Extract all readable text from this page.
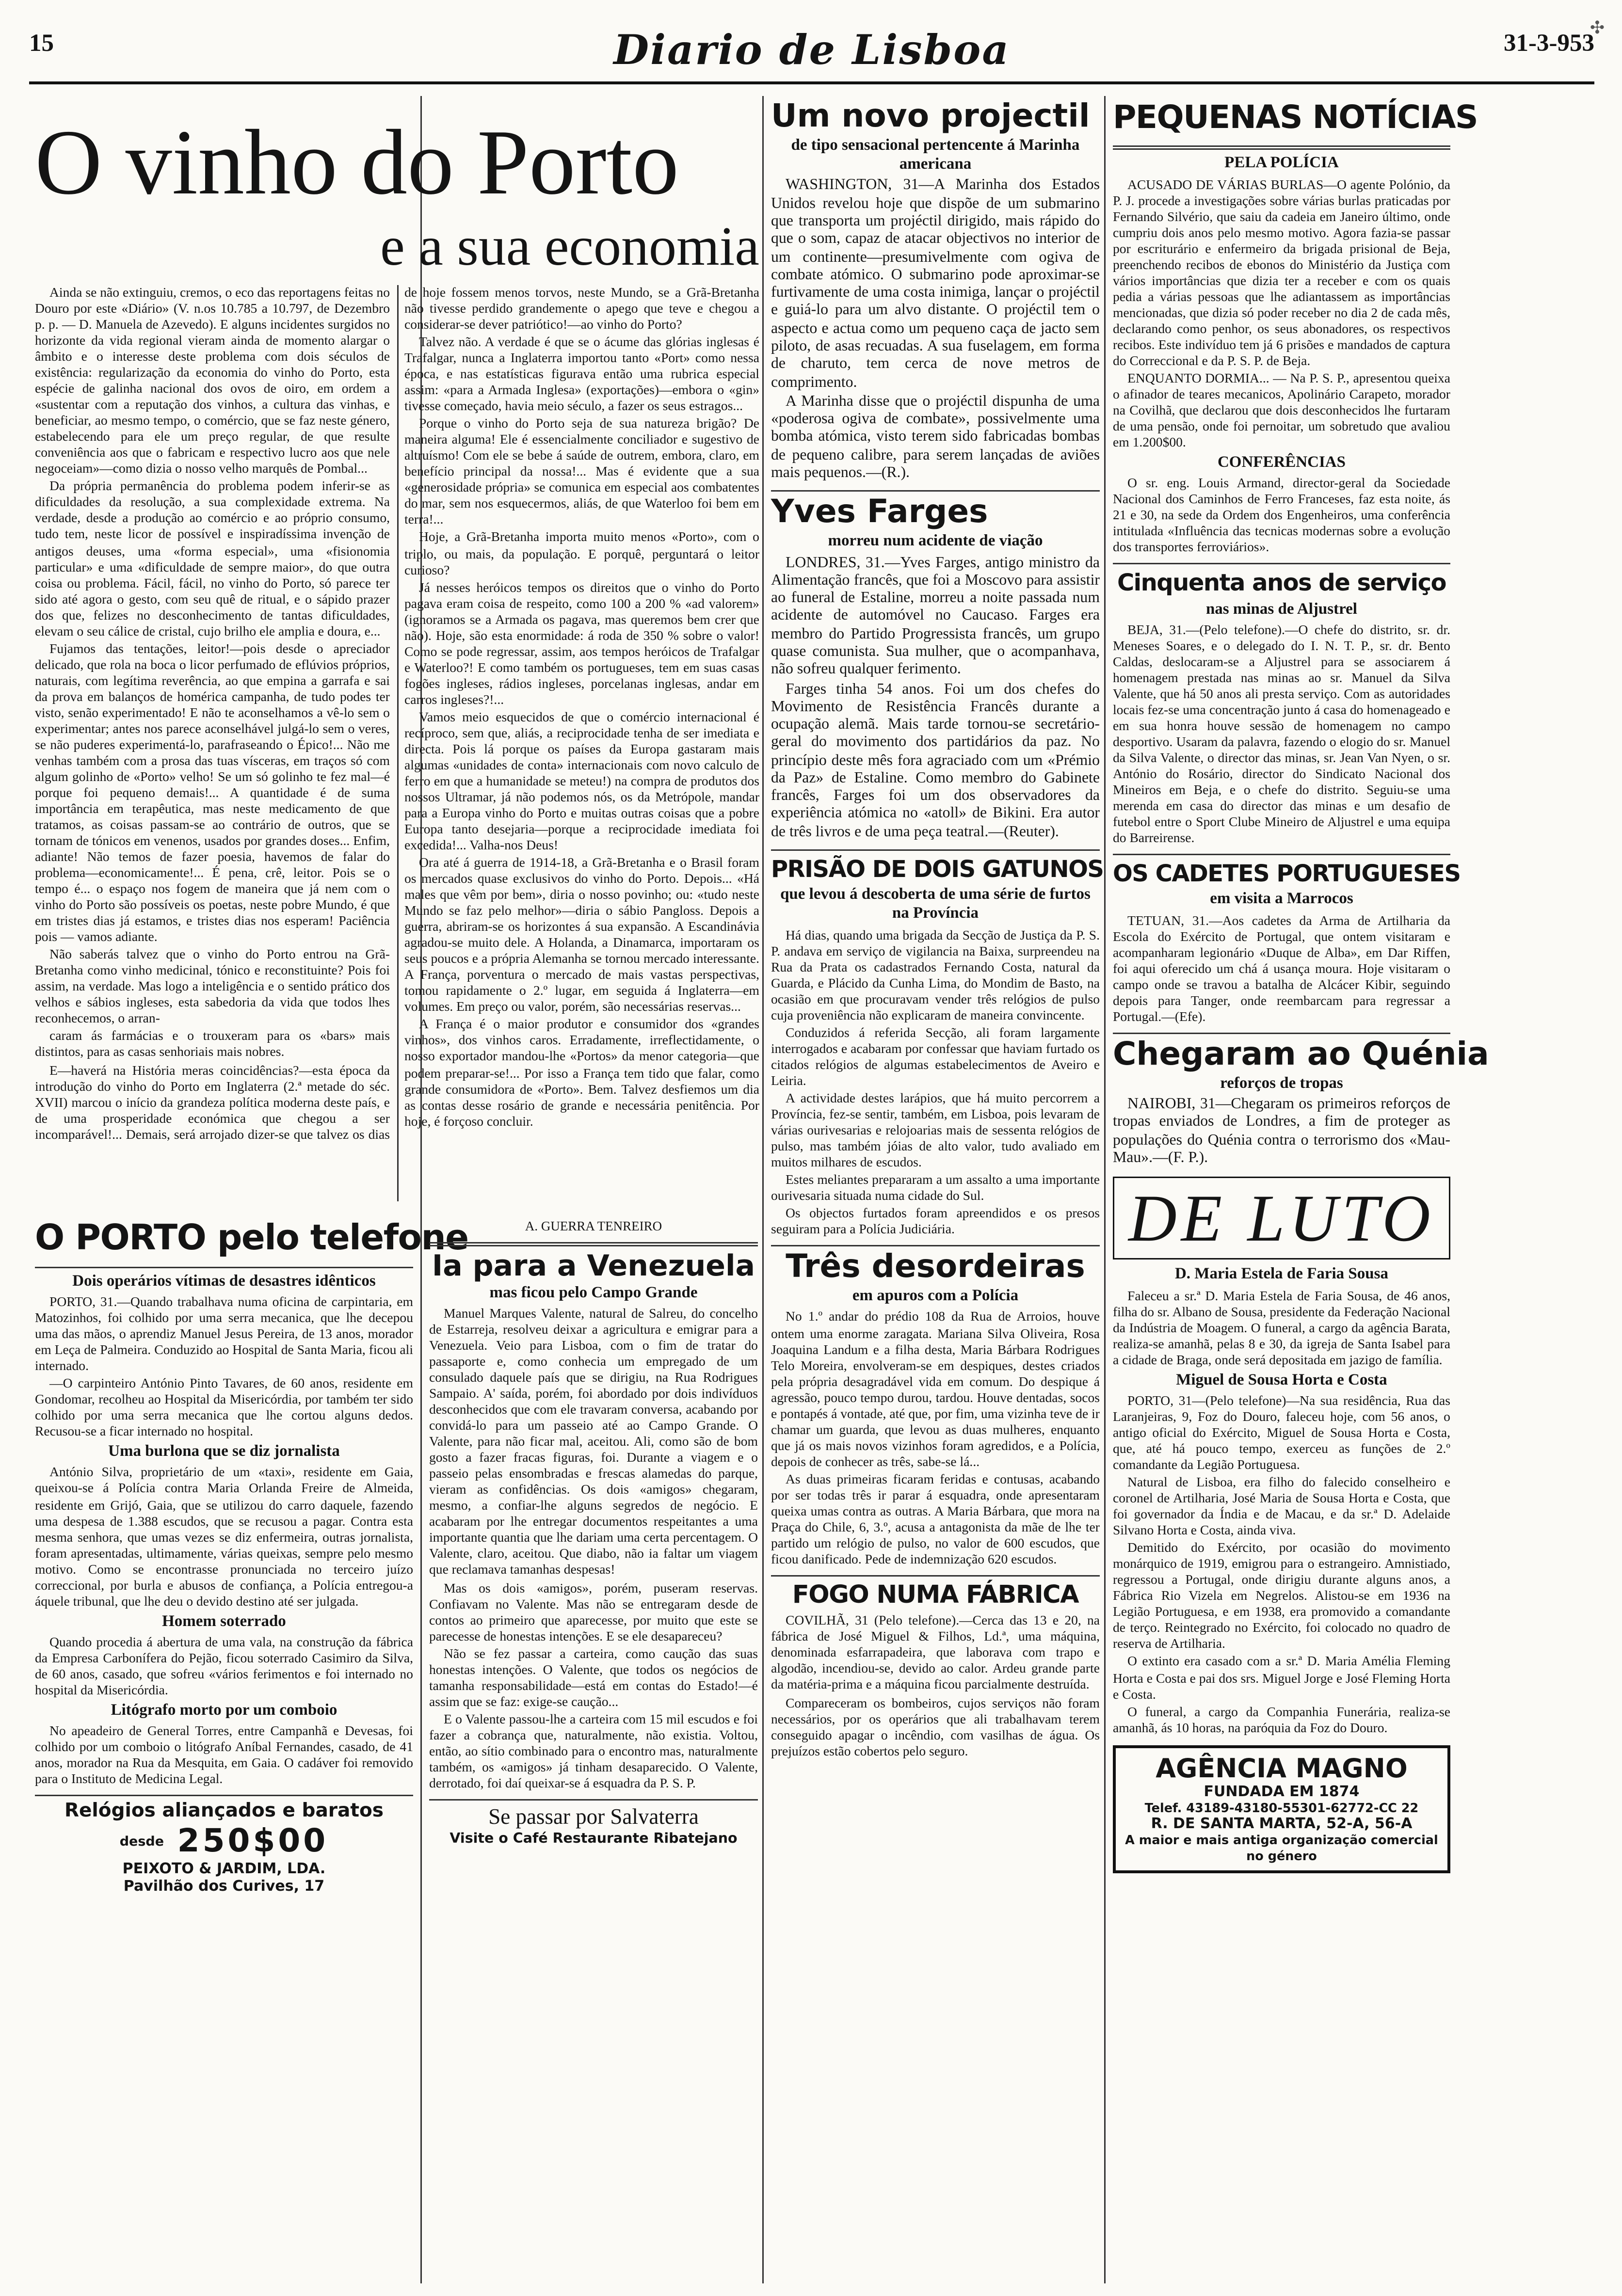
15	Diario de Lisboa	31-3-953
O vinho do Porto
e a sua economia

Ainda se não extinguiu, cremos, o eco das reportagens feitas no Douro por este «Diário» (V. n.os 10.785 a 10.797, de Dezembro p. p. — D. Manuela de Azevedo). E alguns incidentes surgidos no horizonte da vida regional vieram ainda de momento alargar o âmbito e o interesse deste problema com dois séculos de existência: regularização da economia do vinho do Porto, esta espécie de galinha nacional dos ovos de oiro, em ordem a «sustentar com a reputação dos vinhos, a cultura das vinhas, e beneficiar, ao mesmo tempo, o comércio, que se faz neste género, estabelecendo para ele um preço regular, de que resulte conveniência aos que o fabricam e respectivo lucro aos que nele negoceiam»—como dizia o nosso velho marquês de Pombal...

Da própria permanência do problema podem inferir-se as dificuldades da resolução, a sua complexidade extrema. Na verdade, desde a produção ao comércio e ao próprio consumo, tudo tem, neste licor de possível e inspiradíssima invenção de antigos deuses, uma «forma especial», uma «fisionomia particular» e uma «dificuldade de sempre maior», do que outra coisa ou problema. Fácil, fácil, no vinho do Porto, só parece ter sido até agora o gesto, com seu quê de ritual, e o sápido prazer dos que, felizes no desconhecimento de tantas dificuldades, elevam o seu cálice de cristal, cujo brilho ele amplia e doura, e...

Fujamos das tentações, leitor!—pois desde o apreciador delicado, que rola na boca o licor perfumado de eflúvios próprios, naturais, com legítima reverência, ao que empina a garrafa e sai da prova em balanços de homérica campanha, de tudo podes ter visto, senão experimentado! E não te aconselhamos a vê-lo sem o experimentar; antes nos parece aconselhável julgá-lo sem o veres, se não puderes experimentá-lo, parafraseando o Épico!... Não me venhas também com a prosa das tuas vísceras, em traços só com algum golinho de «Porto» velho! Se um só golinho te fez mal—é porque foi pequeno demais!... A quantidade é de suma importância em terapêutica, mas neste medicamento de que tratamos, as coisas passam-se ao contrário de outros, que se tornam de tónicos em venenos, usados por grandes doses... Enfim, adiante! Não temos de fazer poesia, havemos de falar do problema—economicamente!... É pena, crê, leitor. Pois se o tempo é... o espaço nos fogem de maneira que já nem com o vinho do Porto são possíveis os poetas, neste pobre Mundo, é que em tristes dias já estamos, e tristes dias nos esperam! Paciência pois — vamos adiante.

Não saberás talvez que o vinho do Porto entrou na Grã-Bretanha como vinho medicinal, tónico e reconstituinte? Pois foi assim, na verdade. Mas logo a inteligência e o sentido prático dos velhos e sábios ingleses, esta sabedoria da vida que todos lhes reconhecemos, o arran-

caram ás farmácias e o trouxeram para os «bars» mais distintos, para as casas senhoriais mais nobres.

E—haverá na História meras coincidências?—esta época da introdução do vinho do Porto em Inglaterra (2.ª metade do séc. XVII) marcou o início da grandeza política moderna deste país, e de uma prosperidade económica que chegou a ser incomparável!... Demais, será arrojado dizer-se que talvez os dias de hoje fossem menos torvos, neste Mundo, se a Grã-Bretanha não tivesse perdido grandemente o apego que teve e chegou a considerar-se dever patriótico!—ao vinho do Porto?

Talvez não. A verdade é que se o ácume das glórias inglesas é Trafalgar, nunca a Inglaterra importou tanto «Port» como nessa época, e nas estatísticas figurava então uma rubrica especial assim: «para a Armada Inglesa» (exportações)—embora o «gin» tivesse começado, havia meio século, a fazer os seus estragos...

Porque o vinho do Porto seja de sua natureza brigão? De maneira alguma! Ele é essencialmente conciliador e sugestivo de altruísmo! Com ele se bebe á saúde de outrem, embora, claro, em benefício principal da nossa!... Mas é evidente que a sua «generosidade própria» se comunica em especial aos combatentes do mar, sem nos esquecermos, aliás, de que Waterloo foi bem em terra!...

Hoje, a Grã-Bretanha importa muito menos «Porto», com o triplo, ou mais, da população. E porquê, perguntará o leitor curioso?

Já nesses heróicos tempos os direitos que o vinho do Porto pagava eram coisa de respeito, como 100 a 200 % «ad valorem» (ignoramos se a Armada os pagava, mas queremos bem crer que não). Hoje, são esta enormidade: á roda de 350 % sobre o valor! Como se pode regressar, assim, aos tempos heróicos de Trafalgar e Waterloo?! E como também os portugueses, tem em suas casas fogões ingleses, rádios ingleses, porcelanas inglesas, andar em carros ingleses?!...

Vamos meio esquecidos de que o comércio internacional é recíproco, sem que, aliás, a reciprocidade tenha de ser imediata e directa. Pois lá porque os países da Europa gastaram mais algumas «unidades de conta» internacionais com novo calculo de ferro em que a humanidade se meteu!) na compra de produtos dos nossos Ultramar, já não podemos nós, os da Metrópole, mandar para a Europa vinho do Porto e muitas outras coisas que a pobre Europa tanto desejaria—porque a reciprocidade imediata foi excedida!... Valha-nos Deus!

Ora até á guerra de 1914-18, a Grã-Bretanha e o Brasil foram os mercados quase exclusivos do vinho do Porto. Depois... «Há males que vêm por bem», diria o nosso povinho; ou: «tudo neste Mundo se faz pelo melhor»—diria o sábio Pangloss. Depois a guerra, abriram-se os horizontes á sua expansão. A Escandinávia agradou-se muito dele. A Holanda, a Dinamarca, importaram os seus poucos e a própria Alemanha se tornou mercado interessante. A França, porventura o mercado de mais vastas perspectivas, tomou rapidamente o 2.º lugar, em seguida á Inglaterra—em volumes. Em preço ou valor, porém, são necessárias reservas...

A França é o maior produtor e consumidor dos «grandes vinhos», dos vinhos caros. Erradamente, irreflectidamente, o nosso exportador mandou-lhe «Portos» da menor categoria—que podem preparar-se!... Por isso a França tem tido que falar, como grande consumidora de «Porto». Bem. Talvez desfiemos um dia as contas desse rosário de grande e necessária penitência. Por hoje, é forçoso concluir.

O PORTO pelo telefone
Dois operários vítimas de desastres idênticos

PORTO, 31.—Quando trabalhava numa oficina de carpintaria, em Matozinhos, foi colhido por uma serra mecanica, que lhe decepou uma das mãos, o aprendiz Manuel Jesus Pereira, de 13 anos, morador em Leça de Palmeira. Conduzido ao Hospital de Santa Maria, ficou ali internado.

—O carpinteiro António Pinto Tavares, de 60 anos, residente em Gondomar, recolheu ao Hospital da Misericórdia, por também ter sido colhido por uma serra mecanica que lhe cortou alguns dedos. Recusou-se a ficar internado no hospital.

Uma burlona que se diz jornalista

António Silva, proprietário de um «taxi», residente em Gaia, queixou-se á Polícia contra Maria Orlanda Freire de Almeida, residente em Grijó, Gaia, que se utilizou do carro daquele, fazendo uma despesa de 1.388 escudos, que se recusou a pagar. Contra esta mesma senhora, que umas vezes se diz enfermeira, outras jornalista, foram apresentadas, ultimamente, várias queixas, sempre pelo mesmo motivo. Como se encontrasse pronunciada no terceiro juízo correccional, por burla e abusos de confiança, a Polícia entregou-a áquele tribunal, que lhe deu o devido destino até ser julgada.

Homem soterrado

Quando procedia á abertura de uma vala, na construção da fábrica da Empresa Carbonífera do Pejão, ficou soterrado Casimiro da Silva, de 60 anos, casado, que sofreu «vários ferimentos e foi internado no hospital da Misericórdia.

Litógrafo morto por um comboio

No apeadeiro de General Torres, entre Campanhã e Devesas, foi colhido por um comboio o litógrafo Aníbal Fernandes, casado, de 41 anos, morador na Rua da Mesquita, em Gaia. O cadáver foi removido para o Instituto de Medicina Legal.

Relógios aliançados e baratos
desde 250$00
PEIXOTO & JARDIM, LDA.
Pavilhão dos Curives, 17
A. GUERRA TENREIRO
Ia para a Venezuela
mas ficou pelo Campo Grande

Manuel Marques Valente, natural de Salreu, do concelho de Estarreja, resolveu deixar a agricultura e emigrar para a Venezuela. Veio para Lisboa, com o fim de tratar do passaporte e, como conhecia um empregado de um consulado daquele país que se dirigiu, na Rua Rodrigues Sampaio. A' saída, porém, foi abordado por dois indivíduos desconhecidos que com ele travaram conversa, acabando por convidá-lo para um passeio até ao Campo Grande. O Valente, para não ficar mal, aceitou. Ali, como são de bom gosto a fazer fracas figuras, foi. Durante a viagem e o passeio pelas ensombradas e frescas alamedas do parque, vieram as confidências. Os dois «amigos» chegaram, mesmo, a confiar-lhe alguns segredos de negócio. E acabaram por lhe entregar documentos respeitantes a uma importante quantia que lhe dariam uma certa percentagem. O Valente, claro, aceitou. Que diabo, não ia faltar um viagem que reclamava tamanhas despesas!

Mas os dois «amigos», porém, puseram reservas. Confiavam no Valente. Mas não se entregaram desde de contos ao primeiro que aparecesse, por muito que este se parecesse de honestas intenções. E se ele desapareceu?

Não se fez passar a carteira, como caução das suas honestas intenções. O Valente, que todos os negócios de tamanha responsabilidade—está em contas do Estado!—é assim que se faz: exige-se caução...

E o Valente passou-lhe a carteira com 15 mil escudos e foi fazer a cobrança que, naturalmente, não existia. Voltou, então, ao sítio combinado para o encontro mas, naturalmente também, os «amigos» já tinham desaparecido. O Valente, derrotado, foi daí queixar-se á esquadra da P. S. P.

Se passar por Salvaterra
Visite o Café Restaurante Ribatejano
Um novo projectil
de tipo sensacional pertencente á Marinha americana

WASHINGTON, 31—A Marinha dos Estados Unidos revelou hoje que dispõe de um submarino que transporta um projéctil dirigido, mais rápido do que o som, capaz de atacar objectivos no interior de um continente—presumivelmente com ogiva de combate atómico. O submarino pode aproximar-se furtivamente de uma costa inimiga, lançar o projéctil e guiá-lo para um alvo distante. O projéctil tem o aspecto e actua como um pequeno caça de jacto sem piloto, de asas recuadas. A sua fuselagem, em forma de charuto, tem cerca de nove metros de comprimento.

A Marinha disse que o projéctil dispunha de uma «poderosa ogiva de combate», possivelmente uma bomba atómica, visto terem sido fabricadas bombas de pequeno calibre, para serem lançadas de aviões mais pequenos.—(R.).

Yves Farges
morreu num acidente de viação

LONDRES, 31.—Yves Farges, antigo ministro da Alimentação francês, que foi a Moscovo para assistir ao funeral de Estaline, morreu a noite passada num acidente de automóvel no Caucaso. Farges era membro do Partido Progressista francês, um grupo quase comunista. Sua mulher, que o acompanhava, não sofreu qualquer ferimento.

Farges tinha 54 anos. Foi um dos chefes do Movimento de Resistência Francês durante a ocupação alemã. Mais tarde tornou-se secretário-geral do movimento dos partidários da paz. No princípio deste mês fora agraciado com um «Prémio da Paz» de Estaline. Como membro do Gabinete francês, Farges foi um dos observadores da experiência atómica no «atoll» de Bikini. Era autor de três livros e de uma peça teatral.—(Reuter).

PRISÃO DE DOIS GATUNOS
que levou á descoberta de uma série de furtos na Província

Há dias, quando uma brigada da Secção de Justiça da P. S. P. andava em serviço de vigilancia na Baixa, surpreendeu na Rua da Prata os cadastrados Fernando Costa, natural da Guarda, e Plácido da Cunha Lima, do Mondim de Basto, na ocasião em que procuravam vender três relógios de pulso cuja proveniência não explicaram de maneira convincente.

Conduzidos á referida Secção, ali foram largamente interrogados e acabaram por confessar que haviam furtado os citados relógios de algumas estabelecimentos de Aveiro e Leiria.

A actividade destes larápios, que há muito percorrem a Província, fez-se sentir, também, em Lisboa, pois levaram de várias ourivesarias e relojoarias mais de sessenta relógios de pulso, mas também jóias de alto valor, tudo avaliado em muitos milhares de escudos.

Estes meliantes prepararam a um assalto a uma importante ourivesaria situada numa cidade do Sul.

Os objectos furtados foram apreendidos e os presos seguiram para a Polícia Judiciária.

Três desordeiras
em apuros com a Polícia

No 1.º andar do prédio 108 da Rua de Arroios, houve ontem uma enorme zaragata. Mariana Silva Oliveira, Rosa Joaquina Landum e a filha desta, Maria Bárbara Rodrigues Telo Moreira, envolveram-se em despiques, destes criados pela própria desagradável vida em comum. Do despique á agressão, pouco tempo durou, tardou. Houve dentadas, socos e pontapés á vontade, até que, por fim, uma vizinha teve de ir chamar um guarda, que levou as duas mulheres, enquanto que já os mais novos vizinhos foram agredidos, e a Polícia, depois de conhecer as três, sabe-se lá...

As duas primeiras ficaram feridas e contusas, acabando por ser todas três ir parar á esquadra, onde apresentaram queixa umas contra as outras. A Maria Bárbara, que mora na Praça do Chile, 6, 3.º, acusa a antagonista da mãe de lhe ter partido um relógio de pulso, no valor de 600 escudos, que ficou danificado. Pede de indemnização 620 escudos.

FOGO NUMA FÁBRICA

COVILHÃ, 31 (Pelo telefone).—Cerca das 13 e 20, na fábrica de José Miguel & Filhos, Ld.ª, uma máquina, denominada esfarrapadeira, que laborava com trapo e algodão, incendiou-se, devido ao calor. Ardeu grande parte da matéria-prima e a máquina ficou parcialmente destruída.

Compareceram os bombeiros, cujos serviços não foram necessários, por os operários que ali trabalhavam terem conseguido apagar o incêndio, com vasilhas de água. Os prejuízos estão cobertos pelo seguro.

PEQUENAS NOTÍCIAS
PELA POLÍCIA

ACUSADO DE VÁRIAS BURLAS—O agente Polónio, da P. J. procede a investigações sobre várias burlas praticadas por Fernando Silvério, que saiu da cadeia em Janeiro último, onde cumpriu dois anos pelo mesmo motivo. Agora fazia-se passar por escriturário e enfermeiro da brigada prisional de Beja, preenchendo recibos de ebonos do Ministério da Justiça com vários importâncias que dizia ter a receber e com os quais pedia a várias pessoas que lhe adiantassem as importâncias mencionadas, que dizia só poder receber no dia 2 de cada mês, declarando como penhor, os seus abonadores, os respectivos recibos. Este indivíduo tem já 6 prisões e mandados de captura do Correccional e da P. S. P. de Beja.

ENQUANTO DORMIA... — Na P. S. P., apresentou queixa o afinador de teares mecanicos, Apolinário Carapeto, morador na Covilhã, que declarou que dois desconhecidos lhe furtaram de uma pensão, onde foi pernoitar, um sobretudo que avaliou em 1.200$00.

CONFERÊNCIAS

O sr. eng. Louis Armand, director-geral da Sociedade Nacional dos Caminhos de Ferro Franceses, faz esta noite, ás 21 e 30, na sede da Ordem dos Engenheiros, uma conferência intitulada «Influência das tecnicas modernas sobre a evolução dos transportes ferroviários».

Cinquenta anos de serviço
nas minas de Aljustrel

BEJA, 31.—(Pelo telefone).—O chefe do distrito, sr. dr. Meneses Soares, e o delegado do I. N. T. P., sr. dr. Bento Caldas, deslocaram-se a Aljustrel para se associarem á homenagem prestada nas minas ao sr. Manuel da Silva Valente, que há 50 anos ali presta serviço. Com as autoridades locais fez-se uma concentração junto á casa do homenageado e em sua honra houve sessão de homenagem no campo desportivo. Usaram da palavra, fazendo o elogio do sr. Manuel da Silva Valente, o director das minas, sr. Jean Van Nyen, o sr. António do Rosário, director do Sindicato Nacional dos Mineiros em Beja, e o chefe do distrito. Seguiu-se uma merenda em casa do director das minas e um desafio de futebol entre o Sport Clube Mineiro de Aljustrel e uma equipa do Barreirense.

OS CADETES PORTUGUESES
em visita a Marrocos

TETUAN, 31.—Aos cadetes da Arma de Artilharia da Escola do Exército de Portugal, que ontem visitaram e acompanharam legionário «Duque de Alba», em Dar Riffen, foi aqui oferecido um chá á usança moura. Hoje visitaram o campo onde se travou a batalha de Alcácer Kibir, seguindo depois para Tanger, onde reembarcam para regressar a Portugal.—(Efe).

Chegaram ao Quénia
reforços de tropas

NAIROBI, 31—Chegaram os primeiros reforços de tropas enviados de Londres, a fim de proteger as populações do Quénia contra o terrorismo dos «Mau-Mau».—(F. P.).

DE LUTO
D. Maria Estela de Faria Sousa

Faleceu a sr.ª D. Maria Estela de Faria Sousa, de 46 anos, filha do sr. Albano de Sousa, presidente da Federação Nacional da Indústria de Moagem. O funeral, a cargo da agência Barata, realiza-se amanhã, pelas 8 e 30, da igreja de Santa Isabel para a cidade de Braga, onde será depositada em jazigo de família.

Miguel de Sousa Horta e Costa

PORTO, 31—(Pelo telefone)—Na sua residência, Rua das Laranjeiras, 9, Foz do Douro, faleceu hoje, com 56 anos, o antigo oficial do Exército, Miguel de Sousa Horta e Costa, que, até há pouco tempo, exerceu as funções de 2.º comandante da Legião Portuguesa.

Natural de Lisboa, era filho do falecido conselheiro e coronel de Artilharia, José Maria de Sousa Horta e Costa, que foi governador da Índia e de Macau, e da sr.ª D. Adelaide Silvano Horta e Costa, ainda viva.

Demitido do Exército, por ocasião do movimento monárquico de 1919, emigrou para o estrangeiro. Amnistiado, regressou a Portugal, onde dirigiu durante alguns anos, a Fábrica Rio Vizela em Negrelos. Alistou-se em 1936 na Legião Portuguesa, e em 1938, era promovido a comandante de terço. Reintegrado no Exército, foi colocado no quadro de reserva de Artilharia.

O extinto era casado com a sr.ª D. Maria Amélia Fleming Horta e Costa e pai dos srs. Miguel Jorge e José Fleming Horta e Costa.

O funeral, a cargo da Companhia Funerária, realiza-se amanhã, ás 10 horas, na paróquia da Foz do Douro.

AGÊNCIA MAGNO
FUNDADA EM 1874
Telef. 43189-43180-55301-62772-CC 22
R. DE SANTA MARTA, 52-A, 56-A
A maior e mais antiga organização comercial no género
✣
